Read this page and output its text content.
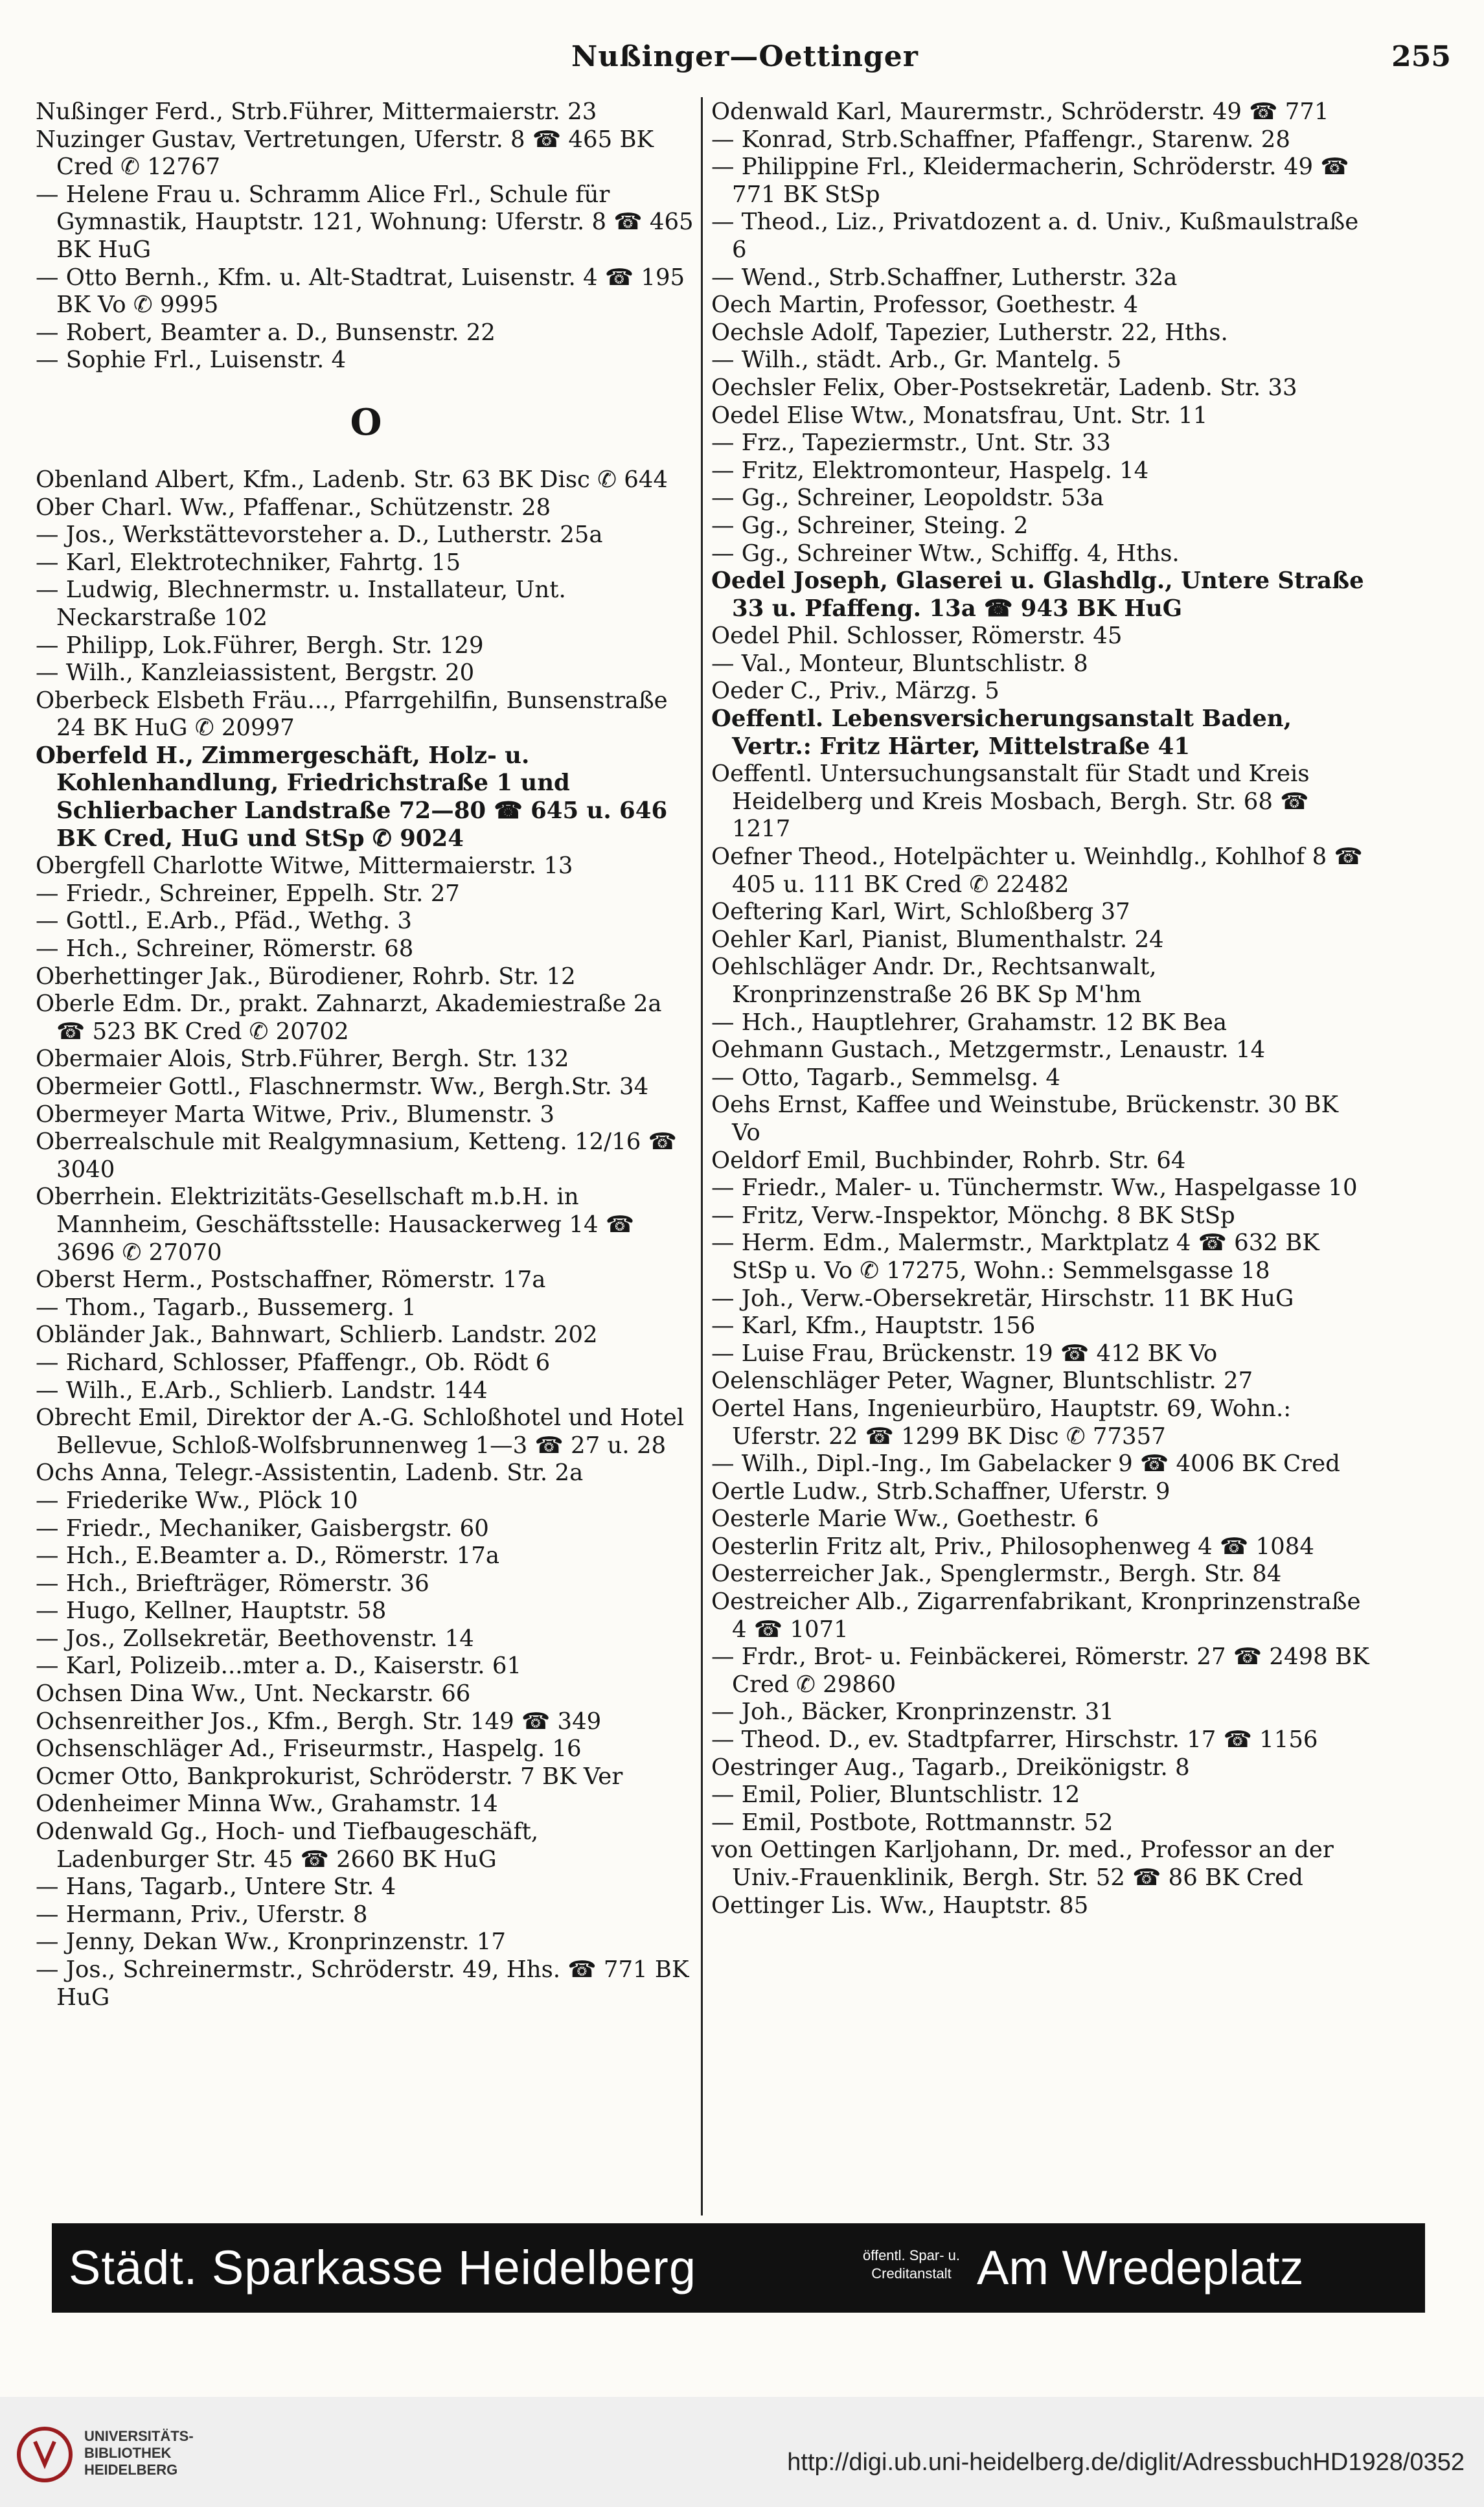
Nußinger—Oettinger	255

Nußinger Ferd., Strb.Führer, Mittermaierstr. 23

Nuzinger Gustav, Vertretungen, Uferstr. 8 ☎ 465 BK Cred ✆ 12767

— Helene Frau u. Schramm Alice Frl., Schule für Gymnastik, Hauptstr. 121, Wohnung: Uferstr. 8 ☎ 465 BK HuG

— Otto Bernh., Kfm. u. Alt-Stadtrat, Luisenstr. 4 ☎ 195 BK Vo ✆ 9995

— Robert, Beamter a. D., Bunsenstr. 22

— Sophie Frl., Luisenstr. 4

O

Obenland Albert, Kfm., Ladenb. Str. 63 BK Disc ✆ 644

Ober Charl. Ww., Pfaffenar., Schützenstr. 28

— Jos., Werkstättevorsteher a. D., Lutherstr. 25a

— Karl, Elektrotechniker, Fahrtg. 15

— Ludwig, Blechnermstr. u. Installateur, Unt. Neckarstraße 102

— Philipp, Lok.Führer, Bergh. Str. 129

— Wilh., Kanzleiassistent, Bergstr. 20

Oberbeck Elsbeth Fräu..., Pfarrgehilfin, Bunsenstraße 24 BK HuG ✆ 20997

Oberfeld H., Zimmergeschäft, Holz- u. Kohlenhandlung, Friedrichstraße 1 und Schlierbacher Landstraße 72—80 ☎ 645 u. 646 BK Cred, HuG und StSp ✆ 9024

Obergfell Charlotte Witwe, Mittermaierstr. 13

— Friedr., Schreiner, Eppelh. Str. 27

— Gottl., E.Arb., Pfäd., Wethg. 3

— Hch., Schreiner, Römerstr. 68

Oberhettinger Jak., Bürodiener, Rohrb. Str. 12

Oberle Edm. Dr., prakt. Zahnarzt, Akademiestraße 2a ☎ 523 BK Cred ✆ 20702

Obermaier Alois, Strb.Führer, Bergh. Str. 132

Obermeier Gottl., Flaschnermstr. Ww., Bergh.Str. 34

Obermeyer Marta Witwe, Priv., Blumenstr. 3

Oberrealschule mit Realgymnasium, Ketteng. 12/16 ☎ 3040

Oberrhein. Elektrizitäts-Gesellschaft m.b.H. in Mannheim, Geschäftsstelle: Hausackerweg 14 ☎ 3696 ✆ 27070

Oberst Herm., Postschaffner, Römerstr. 17a

— Thom., Tagarb., Bussemerg. 1

Obländer Jak., Bahnwart, Schlierb. Landstr. 202

— Richard, Schlosser, Pfaffengr., Ob. Rödt 6

— Wilh., E.Arb., Schlierb. Landstr. 144

Obrecht Emil, Direktor der A.-G. Schloßhotel und Hotel Bellevue, Schloß-Wolfsbrunnenweg 1—3 ☎ 27 u. 28

Ochs Anna, Telegr.-Assistentin, Ladenb. Str. 2a

— Friederike Ww., Plöck 10

— Friedr., Mechaniker, Gaisbergstr. 60

— Hch., E.Beamter a. D., Römerstr. 17a

— Hch., Briefträger, Römerstr. 36

— Hugo, Kellner, Hauptstr. 58

— Jos., Zollsekretär, Beethovenstr. 14

— Karl, Polizeib...mter a. D., Kaiserstr. 61

Ochsen Dina Ww., Unt. Neckarstr. 66

Ochsenreither Jos., Kfm., Bergh. Str. 149 ☎ 349

Ochsenschläger Ad., Friseurmstr., Haspelg. 16

Ocmer Otto, Bankprokurist, Schröderstr. 7 BK Ver

Odenheimer Minna Ww., Grahamstr. 14

Odenwald Gg., Hoch- und Tiefbaugeschäft, Ladenburger Str. 45 ☎ 2660 BK HuG

— Hans, Tagarb., Untere Str. 4

— Hermann, Priv., Uferstr. 8

— Jenny, Dekan Ww., Kronprinzenstr. 17

— Jos., Schreinermstr., Schröderstr. 49, Hhs. ☎ 771 BK HuG

Odenwald Karl, Maurermstr., Schröderstr. 49 ☎ 771

— Konrad, Strb.Schaffner, Pfaffengr., Starenw. 28

— Philippine Frl., Kleidermacherin, Schröderstr. 49 ☎ 771 BK StSp

— Theod., Liz., Privatdozent a. d. Univ., Kußmaulstraße 6

— Wend., Strb.Schaffner, Lutherstr. 32a

Oech Martin, Professor, Goethestr. 4

Oechsle Adolf, Tapezier, Lutherstr. 22, Hths.

— Wilh., städt. Arb., Gr. Mantelg. 5

Oechsler Felix, Ober-Postsekretär, Ladenb. Str. 33

Oedel Elise Wtw., Monatsfrau, Unt. Str. 11

— Frz., Tapeziermstr., Unt. Str. 33

— Fritz, Elektromonteur, Haspelg. 14

— Gg., Schreiner, Leopoldstr. 53a

— Gg., Schreiner, Steing. 2

— Gg., Schreiner Wtw., Schiffg. 4, Hths.

Oedel Joseph, Glaserei u. Glashdlg., Untere Straße 33 u. Pfaffeng. 13a ☎ 943 BK HuG

Oedel Phil. Schlosser, Römerstr. 45

— Val., Monteur, Bluntschlistr. 8

Oeder C., Priv., Märzg. 5

Oeffentl. Lebensversicherungsanstalt Baden, Vertr.: Fritz Härter, Mittelstraße 41

Oeffentl. Untersuchungsanstalt für Stadt und Kreis Heidelberg und Kreis Mosbach, Bergh. Str. 68 ☎ 1217

Oefner Theod., Hotelpächter u. Weinhdlg., Kohlhof 8 ☎ 405 u. 111 BK Cred ✆ 22482

Oeftering Karl, Wirt, Schloßberg 37

Oehler Karl, Pianist, Blumenthalstr. 24

Oehlschläger Andr. Dr., Rechtsanwalt, Kronprinzenstraße 26 BK Sp M'hm

— Hch., Hauptlehrer, Grahamstr. 12 BK Bea

Oehmann Gustach., Metzgermstr., Lenaustr. 14

— Otto, Tagarb., Semmelsg. 4

Oehs Ernst, Kaffee und Weinstube, Brückenstr. 30 BK Vo

Oeldorf Emil, Buchbinder, Rohrb. Str. 64

— Friedr., Maler- u. Tünchermstr. Ww., Haspelgasse 10

— Fritz, Verw.-Inspektor, Mönchg. 8 BK StSp

— Herm. Edm., Malermstr., Marktplatz 4 ☎ 632 BK StSp u. Vo ✆ 17275, Wohn.: Semmelsgasse 18

— Joh., Verw.-Obersekretär, Hirschstr. 11 BK HuG

— Karl, Kfm., Hauptstr. 156

— Luise Frau, Brückenstr. 19 ☎ 412 BK Vo

Oelenschläger Peter, Wagner, Bluntschlistr. 27

Oertel Hans, Ingenieurbüro, Hauptstr. 69, Wohn.: Uferstr. 22 ☎ 1299 BK Disc ✆ 77357

— Wilh., Dipl.-Ing., Im Gabelacker 9 ☎ 4006 BK Cred

Oertle Ludw., Strb.Schaffner, Uferstr. 9

Oesterle Marie Ww., Goethestr. 6

Oesterlin Fritz alt, Priv., Philosophenweg 4 ☎ 1084

Oesterreicher Jak., Spenglermstr., Bergh. Str. 84

Oestreicher Alb., Zigarrenfabrikant, Kronprinzenstraße 4 ☎ 1071

— Frdr., Brot- u. Feinbäckerei, Römerstr. 27 ☎ 2498 BK Cred ✆ 29860

— Joh., Bäcker, Kronprinzenstr. 31

— Theod. D., ev. Stadtpfarrer, Hirschstr. 17 ☎ 1156

Oestringer Aug., Tagarb., Dreikönigstr. 8

— Emil, Polier, Bluntschlistr. 12

— Emil, Postbote, Rottmannstr. 52

von Oettingen Karljohann, Dr. med., Professor an der Univ.-Frauenklinik, Bergh. Str. 52 ☎ 86 BK Cred

Oettinger Lis. Ww., Hauptstr. 85

Städt. Sparkasse Heidelberg	öffentl. Spar- u.
Creditanstalt Am Wredeplatz
UNIVERSITÄTS-
BIBLIOTHEK
HEIDELBERG	http://digi.ub.uni-heidelberg.de/diglit/AdressbuchHD1928/0352
